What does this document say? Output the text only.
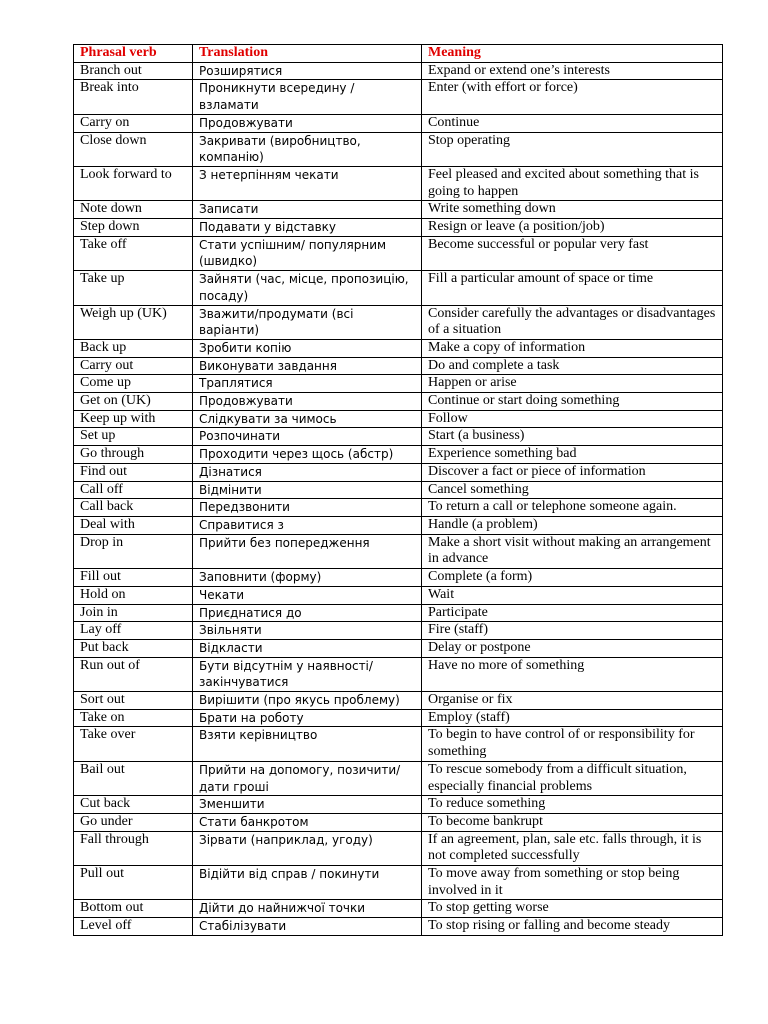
Phrasal verb	Translation	Meaning
Branch out	Розширятися	Expand or extend one’s interests
Break into	Проникнути всередину / взламати	Enter (with effort or force)
Carry on	Продовжувати	Continue
Close down	Закривати (виробництво, компанію)	Stop operating
Look forward to	З нетерпінням чекати	Feel pleased and excited about something that is going to happen
Note down	Записати	Write something down
Step down	Подавати у відставку	Resign or leave (a position/job)
Take off	Стати успішним/ популярним (швидко)	Become successful or popular very fast
Take up	Зайняти (час, місце, пропозицію, посаду)	Fill a particular amount of space or time
Weigh up (UK)	Зважити/продумати (всі варіанти)	Consider carefully the advantages or disadvantages of a situation
Back up	Зробити копію	Make a copy of information
Carry out	Виконувати завдання	Do and complete a task
Come up	Траплятися	Happen or arise
Get on (UK)	Продовжувати	Continue or start doing something
Keep up with	Слідкувати за чимось	Follow
Set up	Розпочинати	Start (a business)
Go through	Проходити через щось (абстр)	Experience something bad
Find out	Дізнатися	Discover a fact or piece of information
Call off	Відмінити	Cancel something
Call back	Передзвонити	To return a call or telephone someone again.
Deal with	Справитися з	Handle (a problem)
Drop in	Прийти без попередження	Make a short visit without making an arrangement in advance
Fill out	Заповнити (форму)	Complete (a form)
Hold on	Чекати	Wait
Join in	Приєднатися до	Participate
Lay off	Звільняти	Fire (staff)
Put back	Відкласти	Delay or postpone
Run out of	Бути відсутнім у наявності/ закінчуватися	Have no more of something
Sort out	Вирішити (про якусь проблему)	Organise or fix
Take on	Брати на роботу	Employ (staff)
Take over	Взяти керівництво	To begin to have control of or responsibility for something
Bail out	Прийти на допомогу, позичити/ дати гроші	To rescue somebody from a difficult situation, especially financial problems
Cut back	Зменшити	To reduce something
Go under	Стати банкротом	To become bankrupt
Fall through	Зірвати (наприклад, угоду)	If an agreement, plan, sale etc. falls through, it is not completed successfully
Pull out	Відійти від справ / покинути	To move away from something or stop being involved in it
Bottom out	Дійти до найнижчої точки	To stop getting worse
Level off	Стабілізувати	To stop rising or falling and become steady
